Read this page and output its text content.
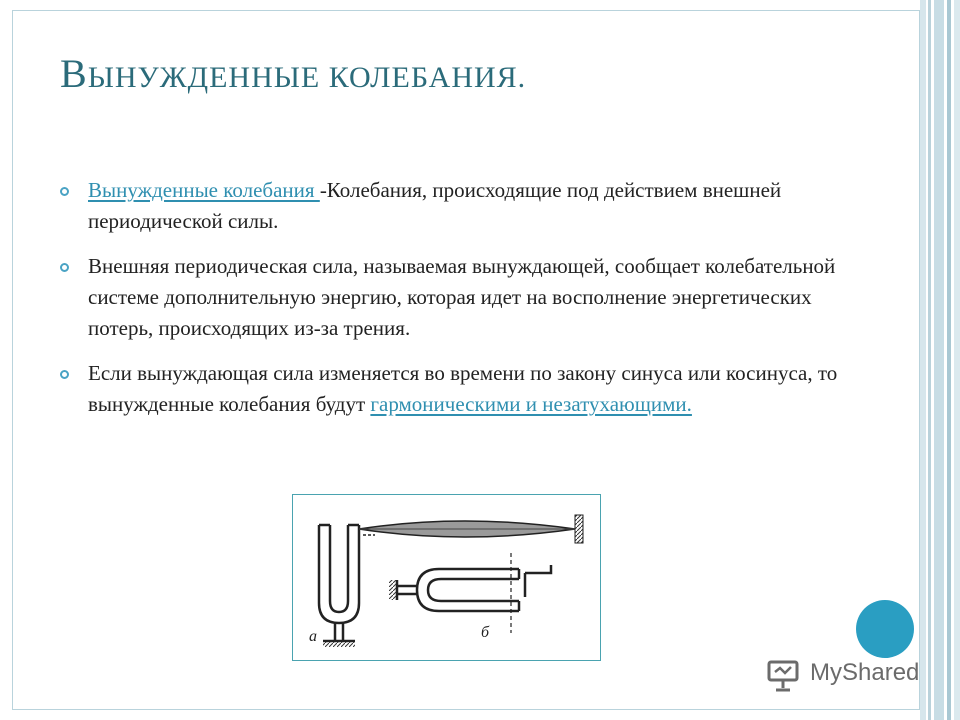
ВЫНУЖДЕННЫЕ КОЛЕБАНИЯ.
Вынужденные колебания -Колебания, происходящие под действием внешней периодической силы.
Внешняя периодическая сила, называемая вынуждающей, сообщает колебательной системе дополнительную энергию, которая идет на восполнение энергетических потерь, происходящих из-за трения.
Если вынуждающая сила изменяется во времени по закону синуса или косинуса, то вынужденные колебания будут гармоническими и незатухающими.
а	б
MyShared
